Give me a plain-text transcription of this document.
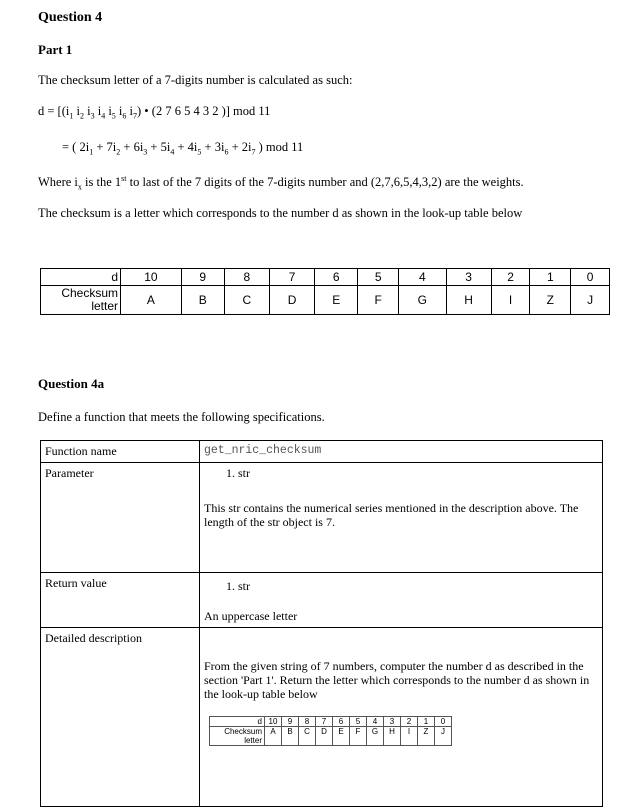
Question 4
Part 1
The checksum letter of a 7-digits number is calculated as such:
$d = [(i_1$ $i_2$ $i_3$ $i_4$ $i_5$ $i_6$ $i_7$) • (2 7 6 5 4 3 2 )] mod 11
= ( $2i_1 + 7i_2 + 6i_3 + 5i_4 + 4i_5 + 3i_6 + 2i_7$ ) mod 11
Where $i_x$ is the 1st to last of the 7 digits of the 7-digits number and (2,7,6,5,4,3,2) are the weights.
The checksum is a letter which corresponds to the number d as shown in the look-up table below
d	10	9	8	7	6	5	4	3	2	1	0
Checksum letter	A	B	C	D	E	F	G	H	I	Z	J
Question 4a
Define a function that meets the following specifications.
Function name	get_nric_checksum
Parameter	1. str
This str contains the numerical series mentioned in the description above. The length of the str object is 7.

Return value	1. str
An uppercase letter

Detailed description	
From the given string of 7 numbers, computer the number d as described in the section 'Part 1'. Return the letter which corresponds to the number d as shown in the look-up table below
d	10	9	8	7	6	5	4	3	2	1	0
Checksum letter	A	B	C	D	E	F	G	H	I	Z	J
